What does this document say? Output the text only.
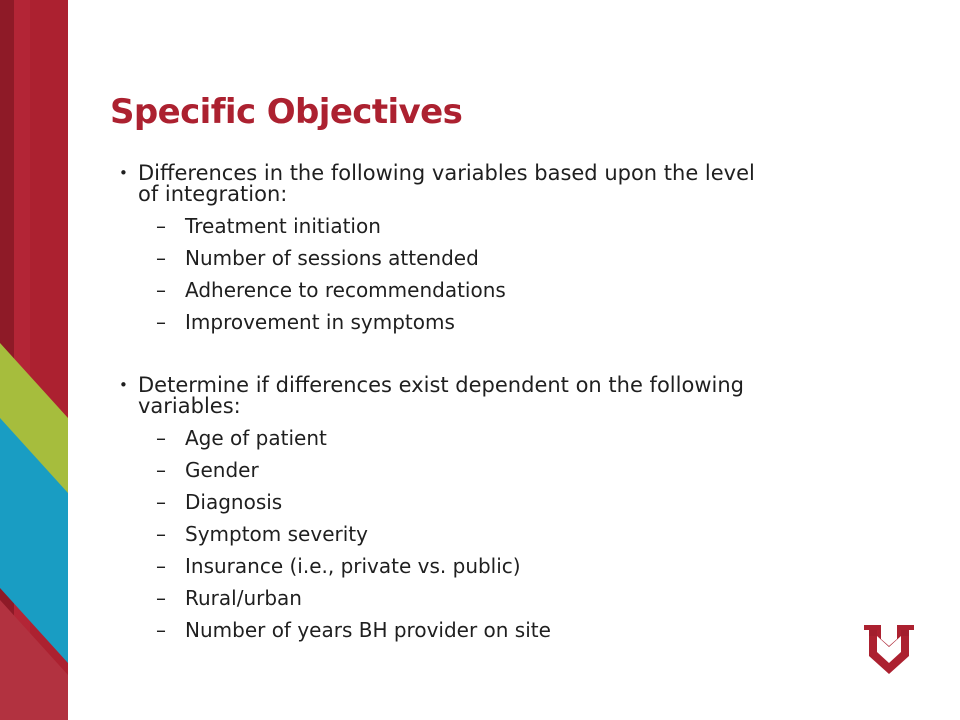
Specific Objectives
• Differences in the following variables based upon the level of integration:
– Treatment initiation
– Number of sessions attended
– Adherence to recommendations
– Improvement in symptoms
• Determine if differences exist dependent on the following variables:
– Age of patient
– Gender
– Diagnosis
– Symptom severity
– Insurance (i.e., private vs. public)
– Rural/urban
– Number of years BH provider on site
